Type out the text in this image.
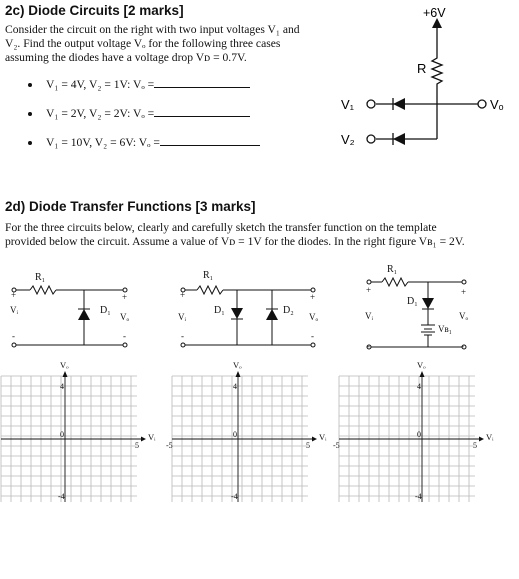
2c) Diode Circuits [2 marks]
Consider the circuit on the right with two input voltages V₁ and
V₂. Find the output voltage Vₒ for the following three cases
assuming the diodes have a voltage drop Vᴅ = 0.7V.
V₁ = 4V, V₂ = 1V: Vₒ =
V₁ = 2V, V₂ = 2V: Vₒ =
V₁ = 10V, V₂ = 6V: Vₒ =
+6V
R
V₁
V₂
Vₒ
2d) Diode Transfer Functions [3 marks]
For the three circuits below, clearly and carefully sketch the transfer function on the template
provided below the circuit. Assume a value of Vᴅ = 1V for the diodes. In the right figure Vʙ₁ = 2V.
R₁
+
Vᵢ
-
D₁
+
Vₒ
-
R₁
+
Vᵢ
-
D₁	D₂
+
Vₒ
-
R₁
+
Vᵢ
-
D₁
Vʙ₁
+
Vₒ
-
Vₒ
Vᵢ
4
0
-4
5
Vₒ
Vᵢ
4
0
-4
5
-5
Vₒ
Vᵢ
4
0
-4
5
-5
